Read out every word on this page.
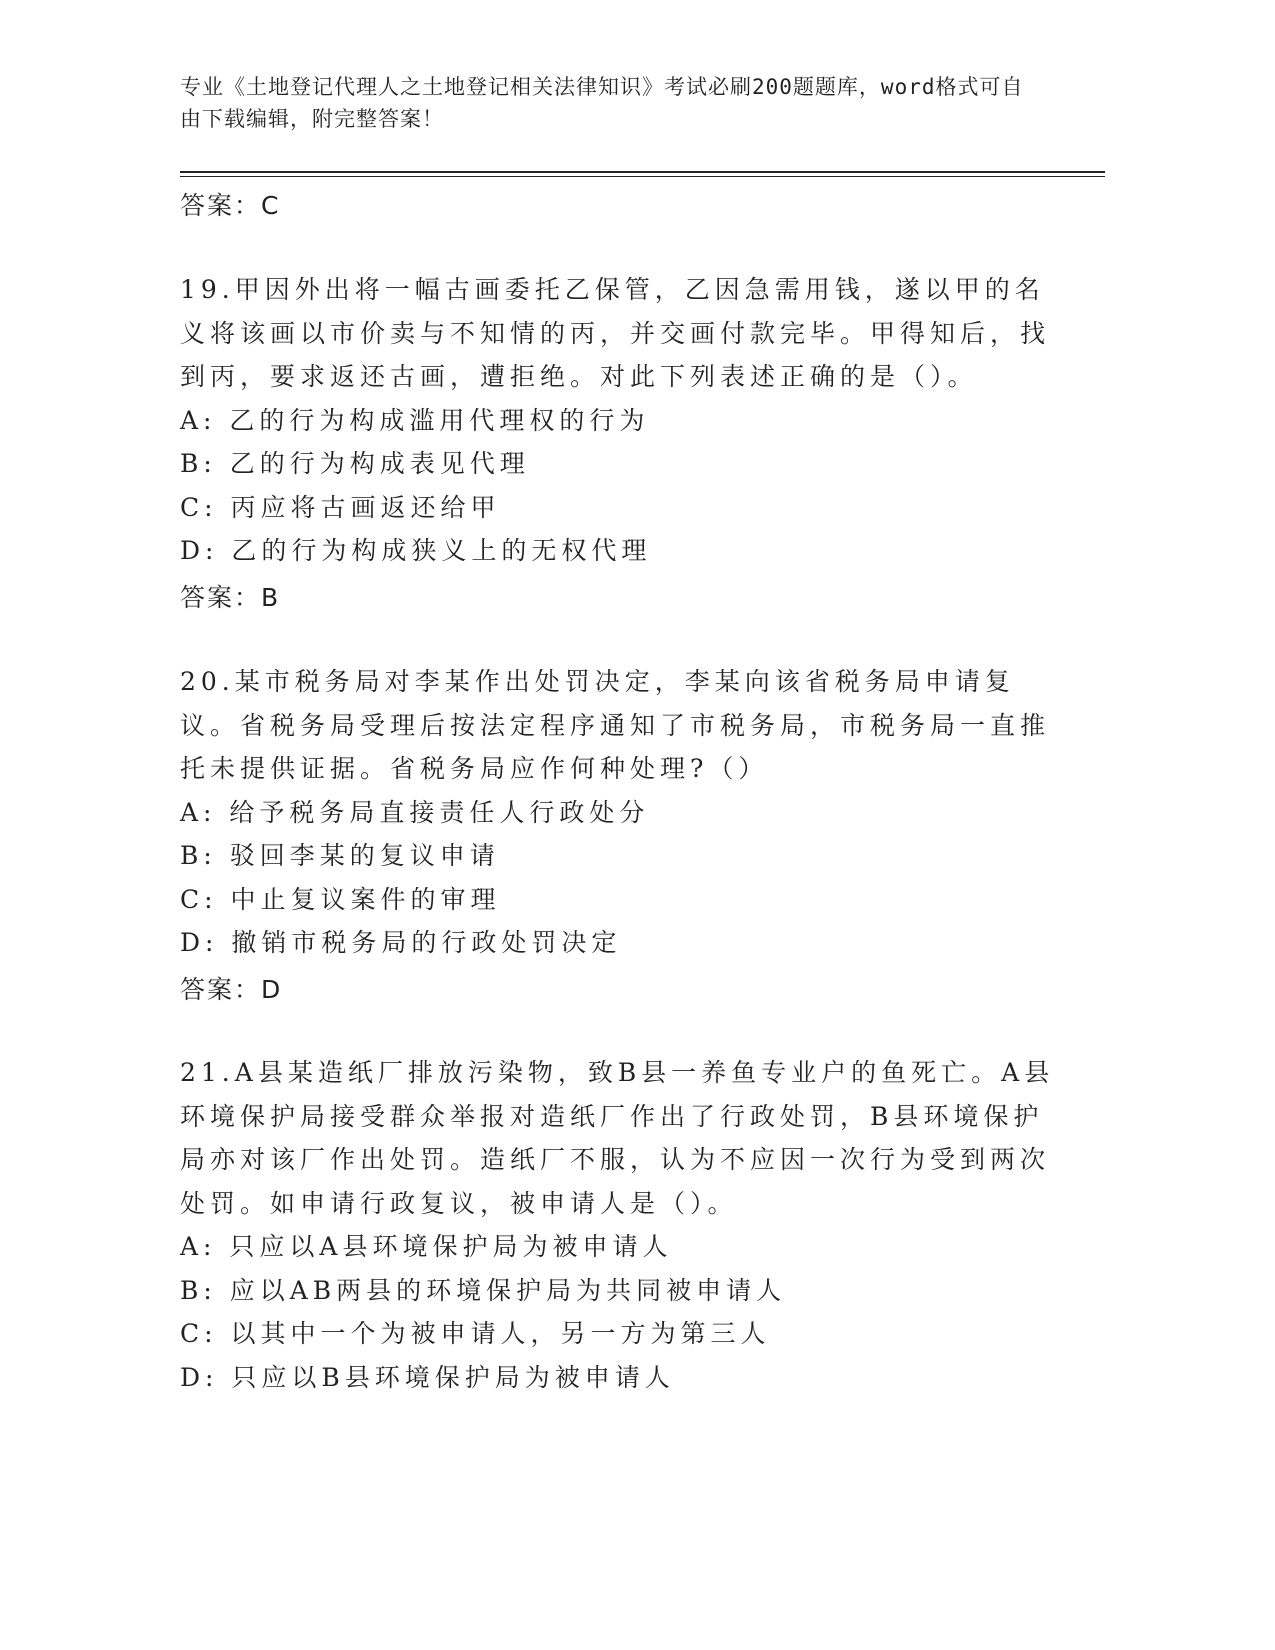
专业《土地登记代理人之土地登记相关法律知识》考试必刷200题题库，word格式可自由下载编辑，附完整答案！
答案：C

19.甲因外出将一幅古画委托乙保管，乙因急需用钱，遂以甲的名义将该画以市价卖与不知情的丙，并交画付款完毕。甲得知后，找到丙，要求返还古画，遭拒绝。对此下列表述正确的是（）。

A: 乙的行为构成滥用代理权的行为

B: 乙的行为构成表见代理

C: 丙应将古画返还给甲

D: 乙的行为构成狭义上的无权代理

答案：B

20.某市税务局对李某作出处罚决定，李某向该省税务局申请复议。省税务局受理后按法定程序通知了市税务局，市税务局一直推托未提供证据。省税务局应作何种处理?（）

A: 给予税务局直接责任人行政处分

B: 驳回李某的复议申请

C: 中止复议案件的审理

D: 撤销市税务局的行政处罚决定

答案：D

21.A县某造纸厂排放污染物，致B县一养鱼专业户的鱼死亡。A县环境保护局接受群众举报对造纸厂作出了行政处罚，B县环境保护局亦对该厂作出处罚。造纸厂不服，认为不应因一次行为受到两次处罚。如申请行政复议，被申请人是（）。

A: 只应以A县环境保护局为被申请人

B: 应以AB两县的环境保护局为共同被申请人

C: 以其中一个为被申请人，另一方为第三人

D: 只应以B县环境保护局为被申请人
